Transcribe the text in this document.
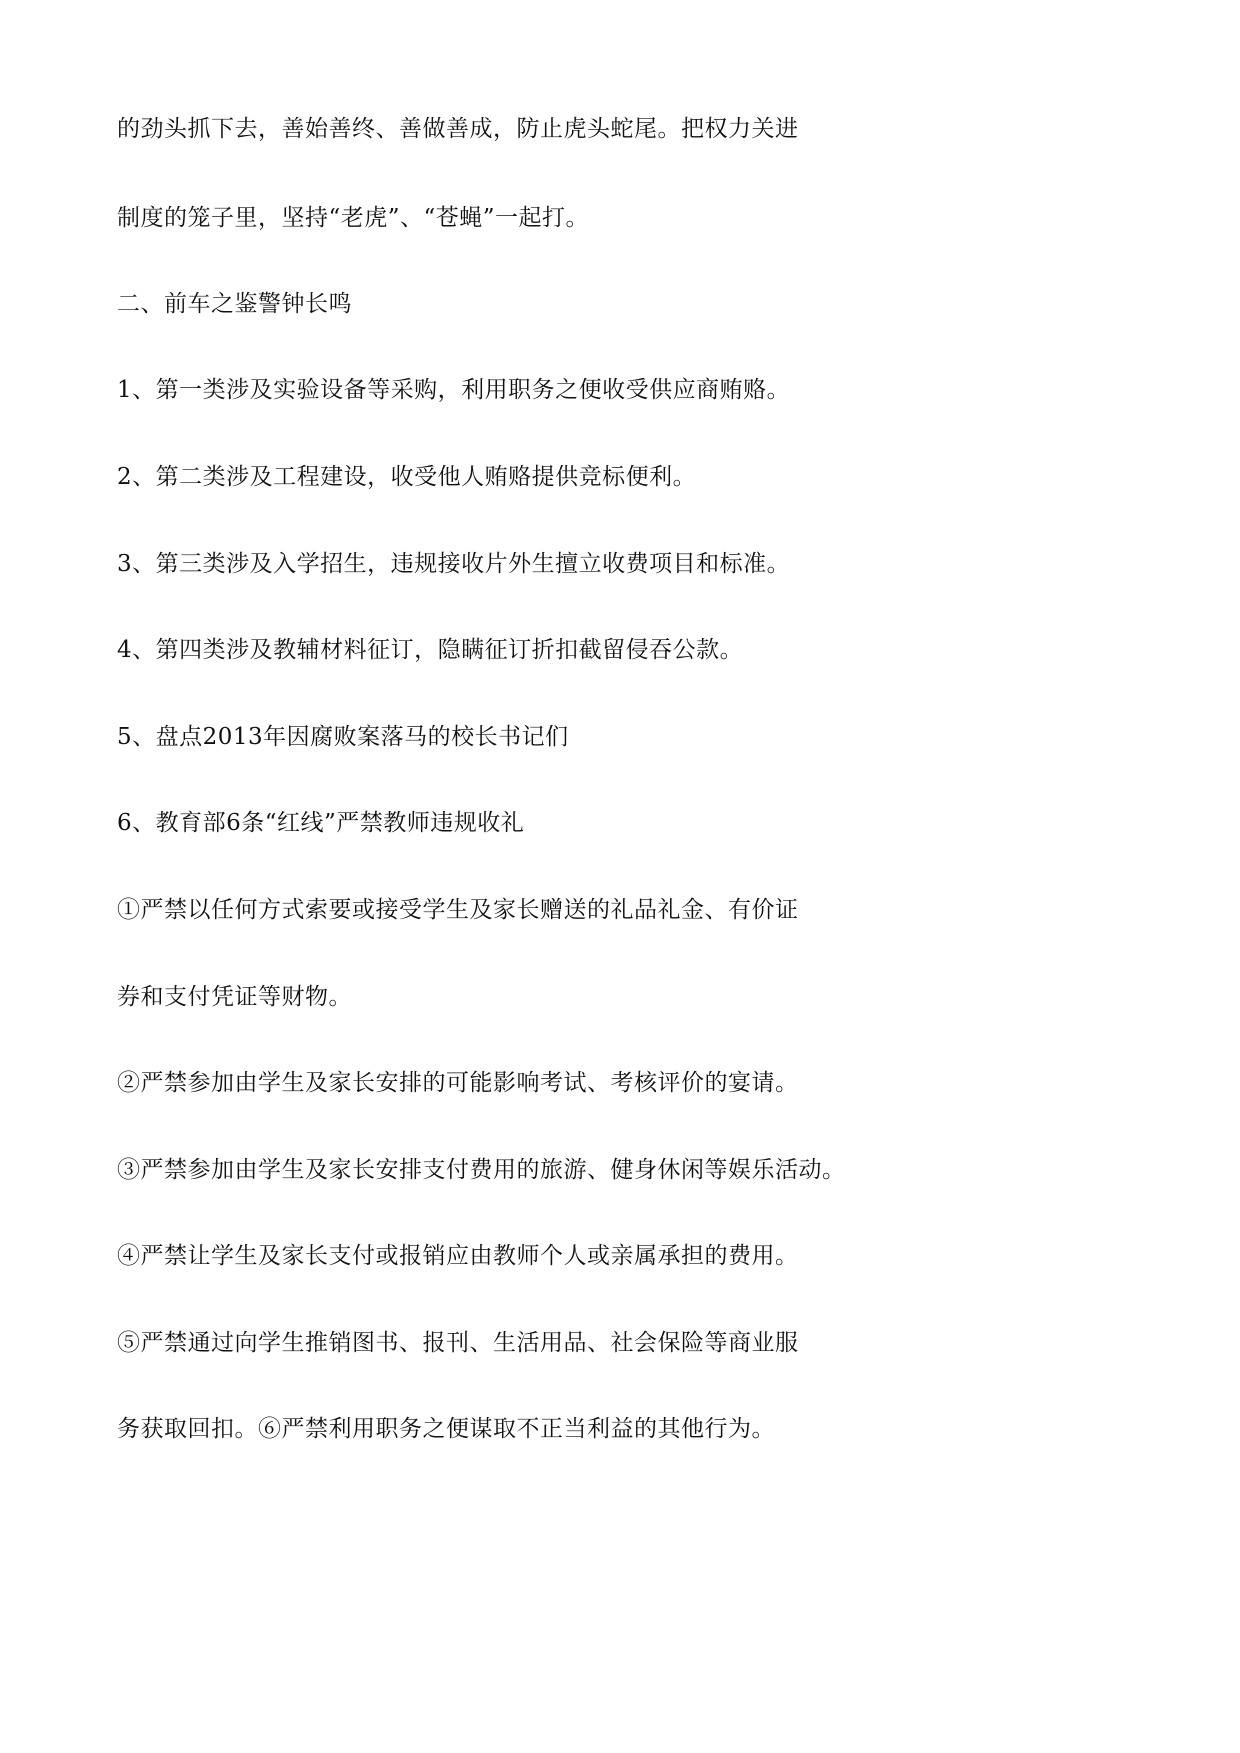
的劲头抓下去，善始善终、善做善成，防止虎头蛇尾。把权力关进
制度的笼子里，坚持“老虎”、“苍蝇”一起打。
二、前车之鉴警钟长鸣
1、第一类涉及实验设备等采购，利用职务之便收受供应商贿赂。
2、第二类涉及工程建设，收受他人贿赂提供竞标便利。
3、第三类涉及入学招生，违规接收片外生擅立收费项目和标准。
4、第四类涉及教辅材料征订，隐瞒征订折扣截留侵吞公款。
5、盘点2013年因腐败案落马的校长书记们
6、教育部6条“红线”严禁教师违规收礼
①严禁以任何方式索要或接受学生及家长赠送的礼品礼金、有价证
券和支付凭证等财物。
②严禁参加由学生及家长安排的可能影响考试、考核评价的宴请。
③严禁参加由学生及家长安排支付费用的旅游、健身休闲等娱乐活动。
④严禁让学生及家长支付或报销应由教师个人或亲属承担的费用。
⑤严禁通过向学生推销图书、报刊、生活用品、社会保险等商业服
务获取回扣。⑥严禁利用职务之便谋取不正当利益的其他行为。
